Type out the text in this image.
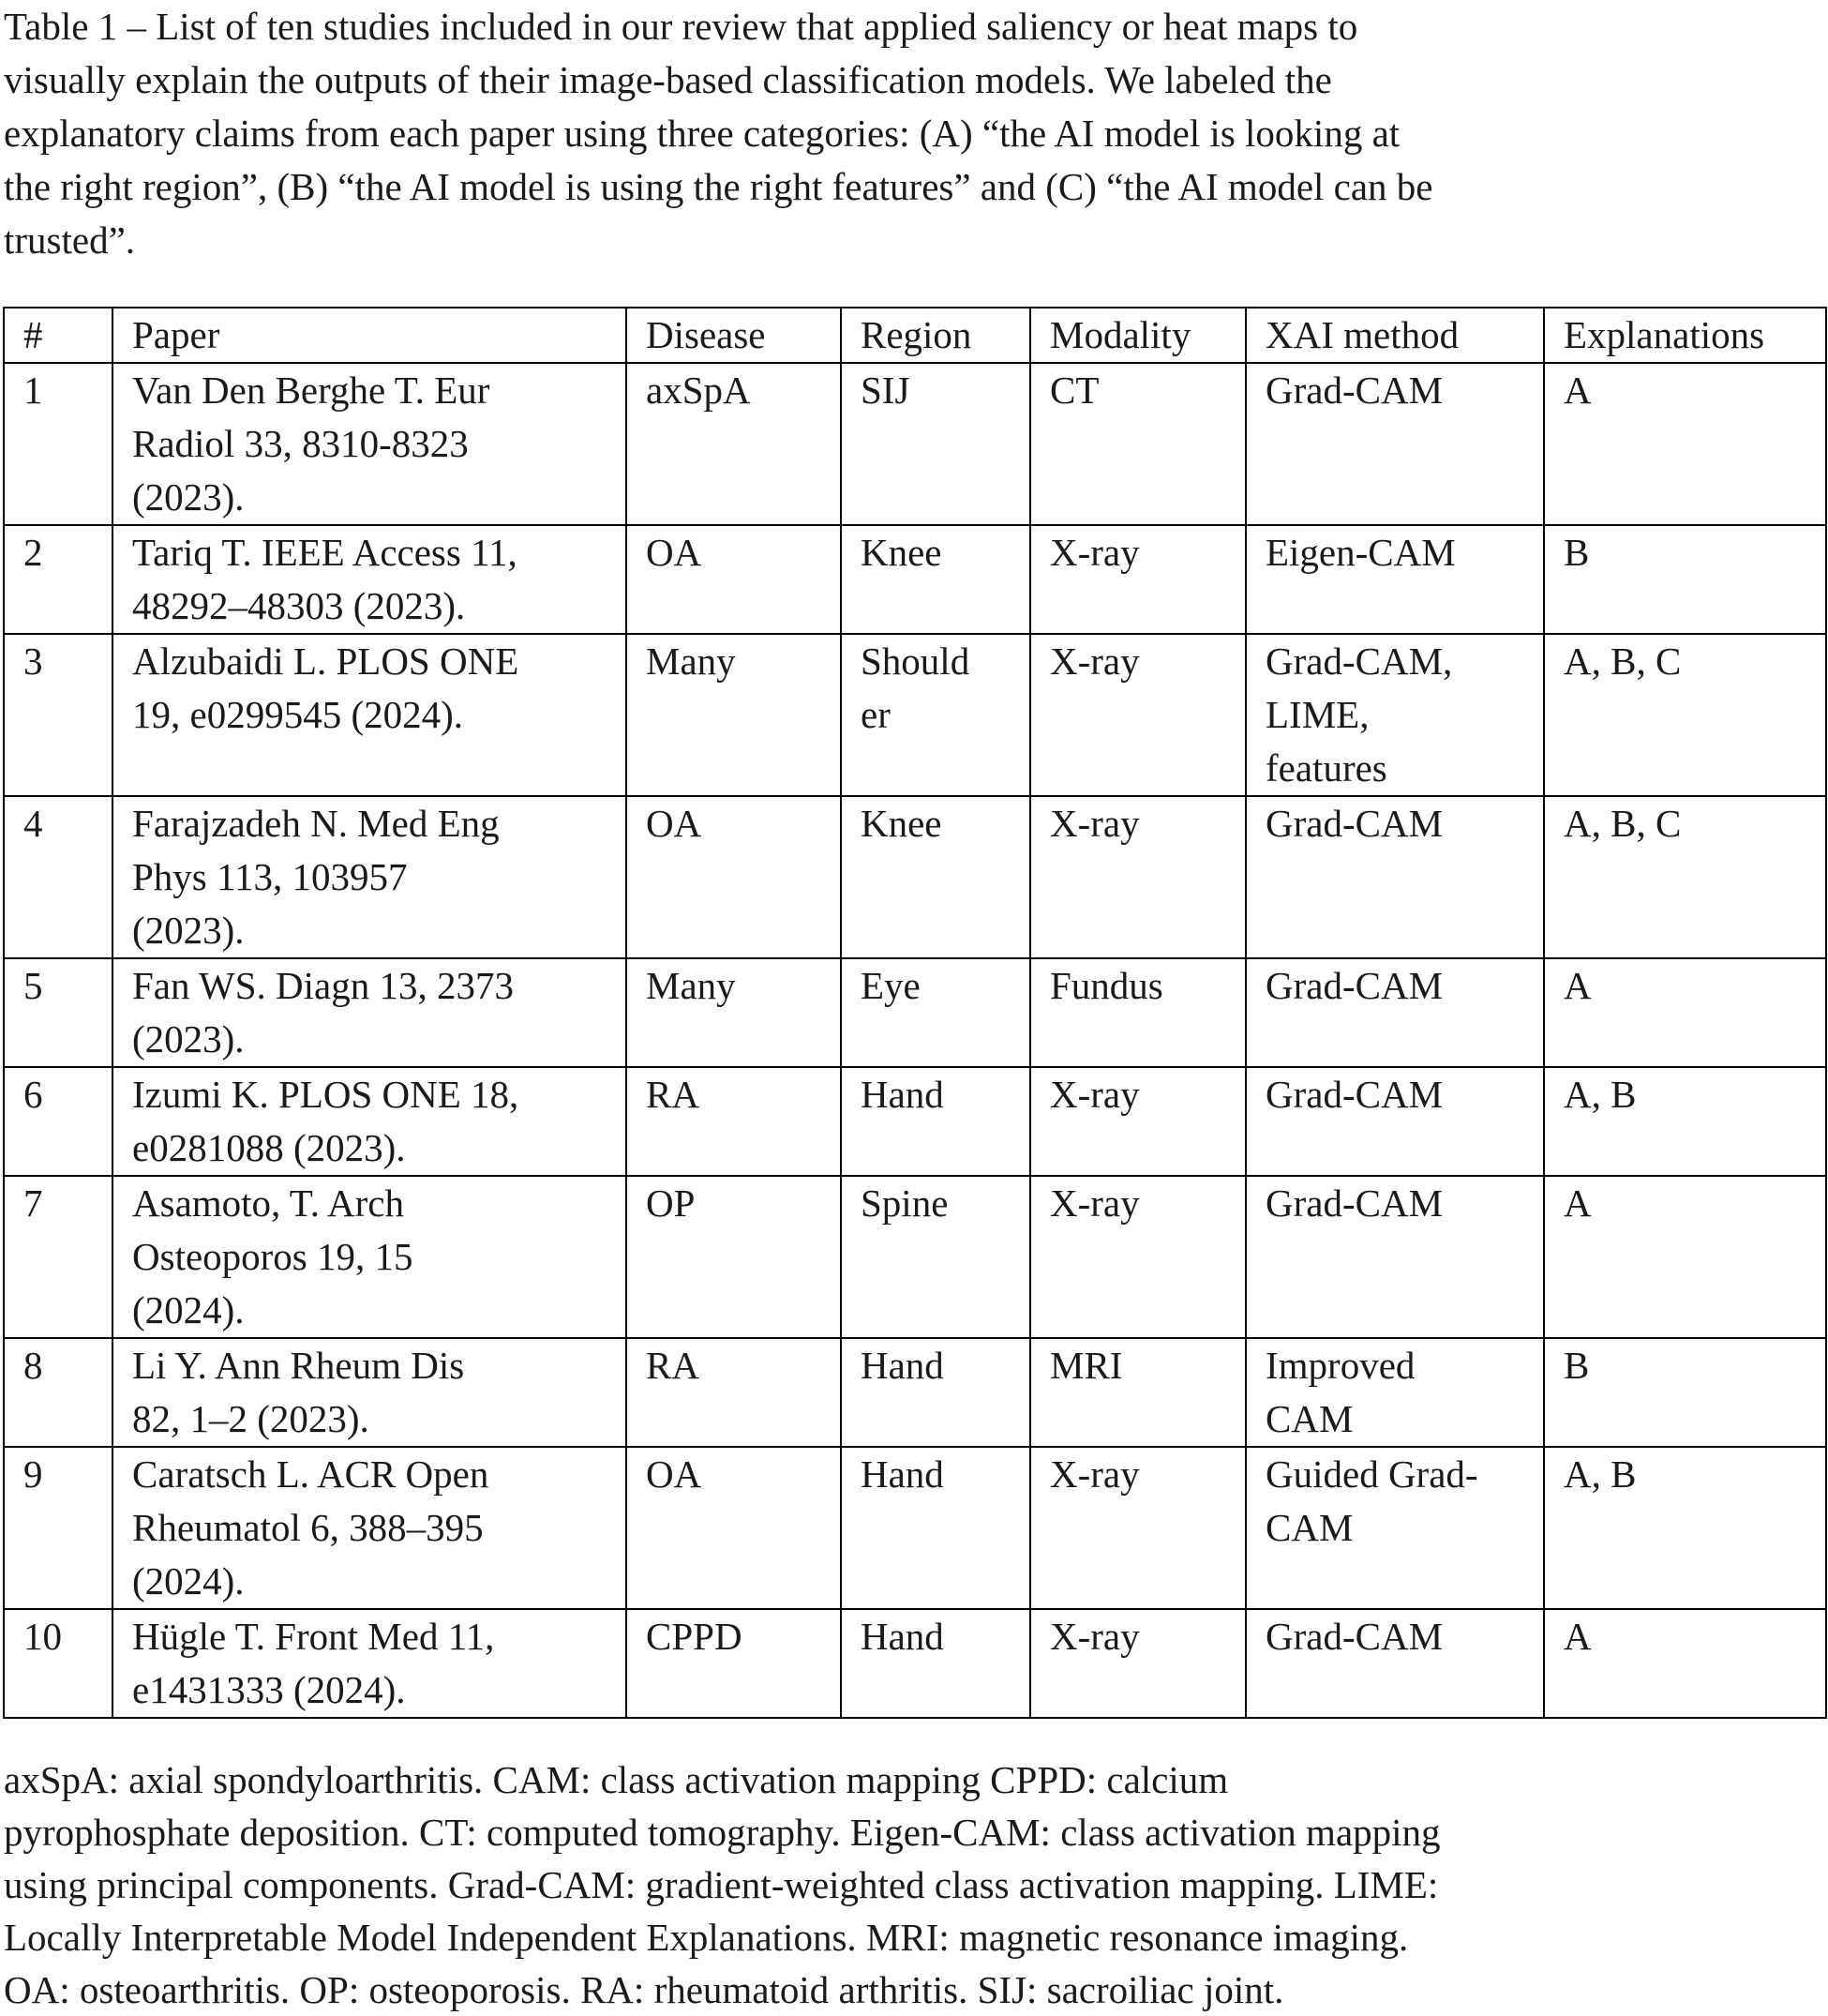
Table 1 – List of ten studies included in our review that applied saliency or heat maps to
visually explain the outputs of their image-based classification models. We labeled the
explanatory claims from each paper using three categories: (A) “the AI model is looking at
the right region”, (B) “the AI model is using the right features” and (C) “the AI model can be
trusted”.

#	Paper	Disease	Region	Modality	XAI method	Explanations

1	Van Den Berghe T. Eur
Radiol 33, 8310-8323
(2023).	axSpA	SIJ	CT	Grad-CAM	A

2	Tariq T. IEEE Access 11,
48292–48303 (2023).	OA	Knee	X-ray	Eigen-CAM	B

3	Alzubaidi L. PLOS ONE
19, e0299545 (2024).	Many	Should
er	X-ray	Grad-CAM,
LIME,
features	A, B, C

4	Farajzadeh N. Med Eng
Phys 113, 103957
(2023).	OA	Knee	X-ray	Grad-CAM	A, B, C

5	Fan WS. Diagn 13, 2373
(2023).	Many	Eye	Fundus	Grad-CAM	A

6	Izumi K. PLOS ONE 18,
e0281088 (2023).	RA	Hand	X-ray	Grad-CAM	A, B

7	Asamoto, T. Arch
Osteoporos 19, 15
(2024).	OP	Spine	X-ray	Grad-CAM	A

8	Li Y. Ann Rheum Dis
82, 1–2 (2023).	RA	Hand	MRI	Improved
CAM	B

9	Caratsch L. ACR Open
Rheumatol 6, 388–395
(2024).	OA	Hand	X-ray	Guided Grad-
CAM	A, B

10	Hügle T. Front Med 11,
e1431333 (2024).	CPPD	Hand	X-ray	Grad-CAM	A

axSpA: axial spondyloarthritis. CAM: class activation mapping CPPD: calcium
pyrophosphate deposition. CT: computed tomography. Eigen-CAM: class activation mapping
using principal components. Grad-CAM: gradient-weighted class activation mapping. LIME:
Locally Interpretable Model Independent Explanations. MRI: magnetic resonance imaging.
OA: osteoarthritis. OP: osteoporosis. RA: rheumatoid arthritis. SIJ: sacroiliac joint.
